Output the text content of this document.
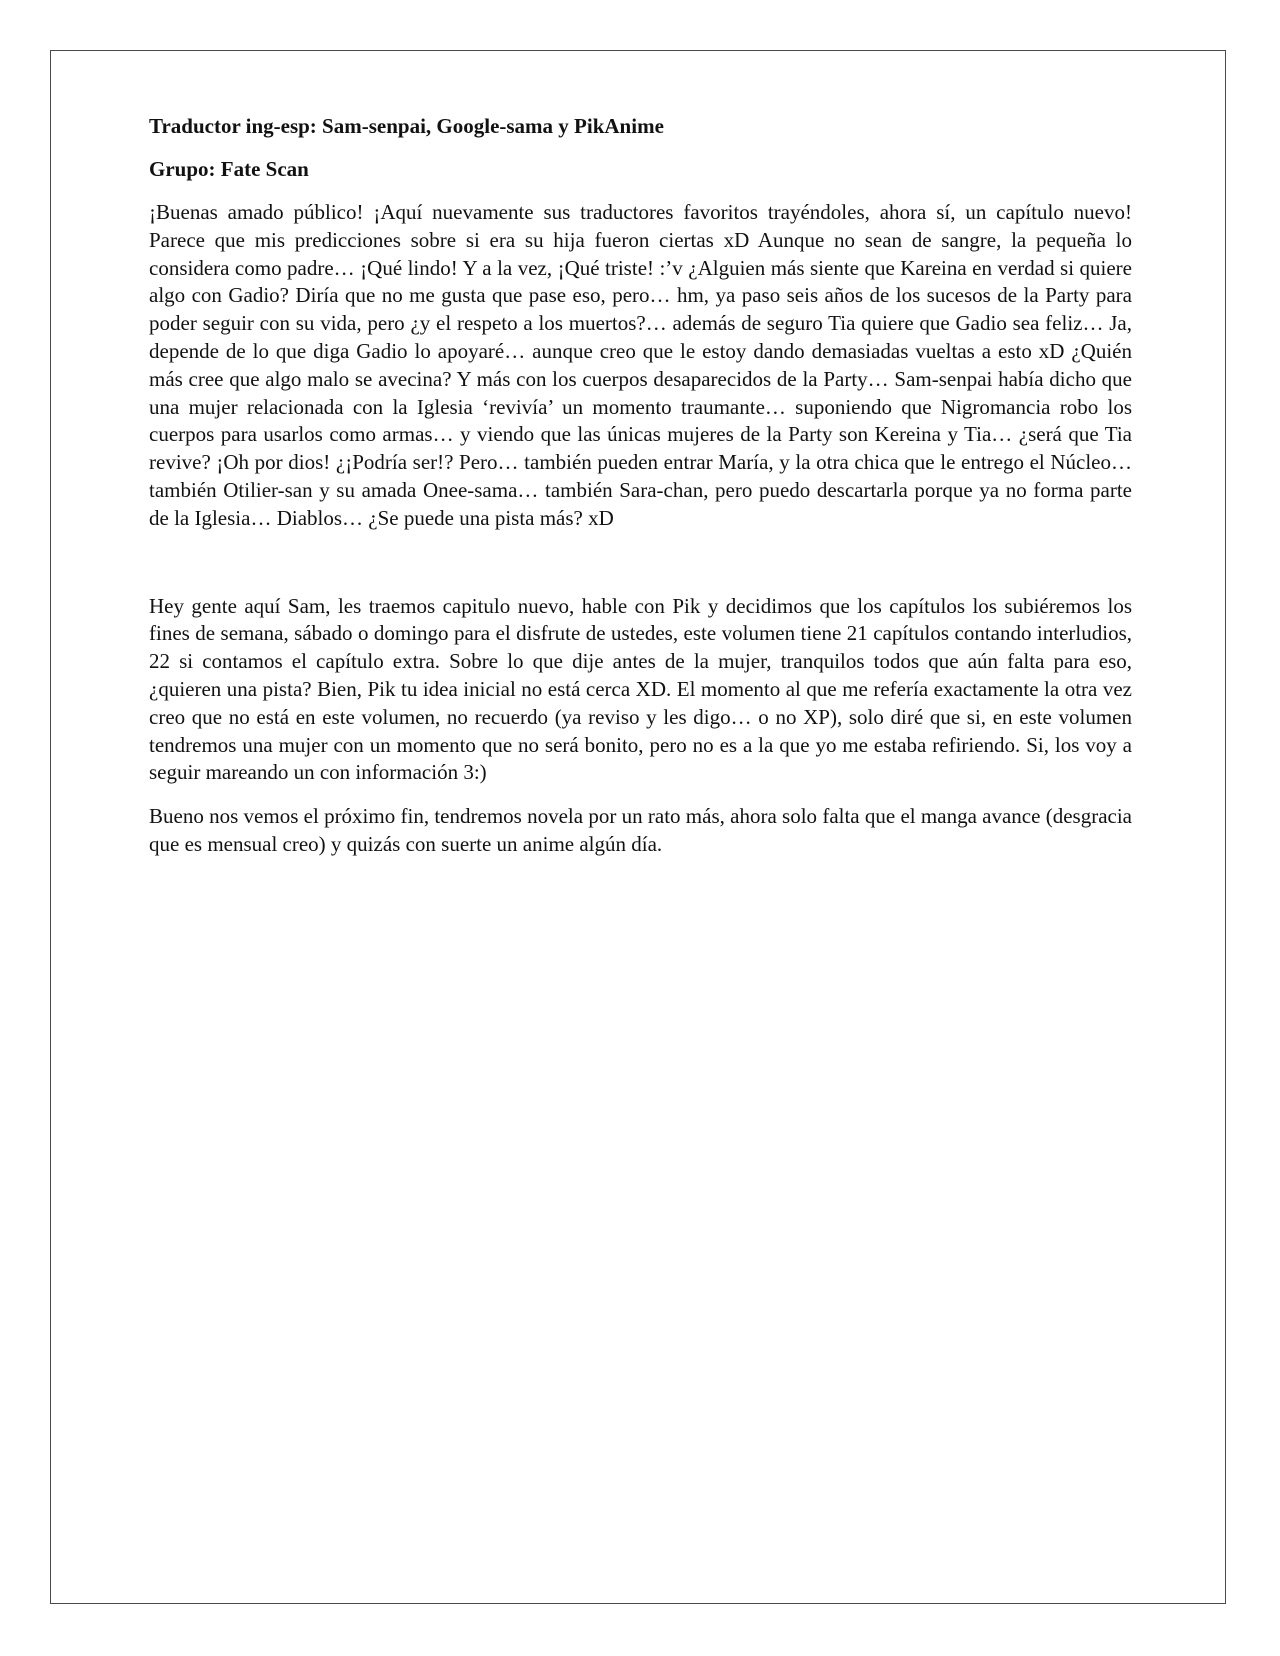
Traductor ing-esp: Sam-senpai, Google-sama y PikAnime

Grupo: Fate Scan

¡Buenas amado público! ¡Aquí nuevamente sus traductores favoritos trayéndoles, ahora sí, un capítulo nuevo! Parece que mis predicciones sobre si era su hija fueron ciertas xD Aunque no sean de sangre, la pequeña lo considera como padre… ¡Qué lindo! Y a la vez, ¡Qué triste! :’v ¿Alguien más siente que Kareina en verdad si quiere algo con Gadio? Diría que no me gusta que pase eso, pero… hm, ya paso seis años de los sucesos de la Party para poder seguir con su vida, pero ¿y el respeto a los muertos?… además de seguro Tia quiere que Gadio sea feliz… Ja, depende de lo que diga Gadio lo apoyaré… aunque creo que le estoy dando demasiadas vueltas a esto xD ¿Quién más cree que algo malo se avecina? Y más con los cuerpos desaparecidos de la Party… Sam-senpai había dicho que una mujer relacionada con la Iglesia ‘revivía’ un momento traumante… suponiendo que Nigromancia robo los cuerpos para usarlos como armas… y viendo que las únicas mujeres de la Party son Kereina y Tia… ¿será que Tia revive? ¡Oh por dios! ¿¡Podría ser!? Pero… también pueden entrar María, y la otra chica que le entrego el Núcleo… también Otilier-san y su amada Onee-sama… también Sara-chan, pero puedo descartarla porque ya no forma parte de la Iglesia… Diablos… ¿Se puede una pista más? xD

Hey gente aquí Sam, les traemos capitulo nuevo, hable con Pik y decidimos que los capítulos los subiéremos los fines de semana, sábado o domingo para el disfrute de ustedes, este volumen tiene 21 capítulos contando interludios, 22 si contamos el capítulo extra. Sobre lo que dije antes de la mujer, tranquilos todos que aún falta para eso, ¿quieren una pista? Bien, Pik tu idea inicial no está cerca XD. El momento al que me refería exactamente la otra vez creo que no está en este volumen, no recuerdo (ya reviso y les digo… o no XP), solo diré que si, en este volumen tendremos una mujer con un momento que no será bonito, pero no es a la que yo me estaba refiriendo. Si, los voy a seguir mareando un con información 3:)

Bueno nos vemos el próximo fin, tendremos novela por un rato más, ahora solo falta que el manga avance (desgracia que es mensual creo) y quizás con suerte un anime algún día.
